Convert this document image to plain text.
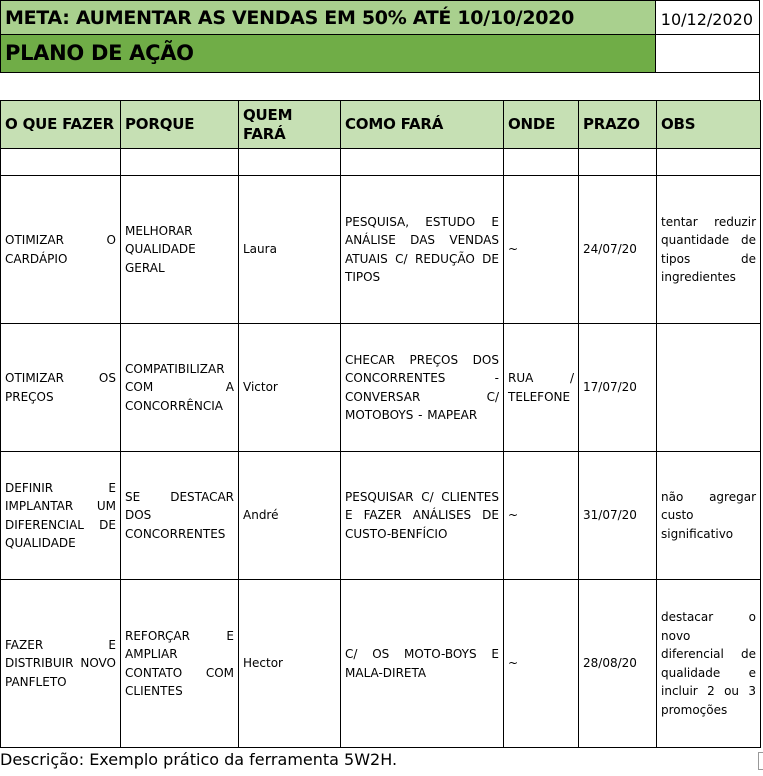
META: AUMENTAR AS VENDAS EM 50% ATÉ 10/10/2020	10/12/2020
PLANO DE AÇÃO
O QUE FAZER	PORQUE	QUEM FARÁ	COMO FARÁ	ONDE	PRAZO	OBS

OTIMIZAR O CARDÁPIO	MELHORAR QUALIDADE GERAL	Laura	PESQUISA, ESTUDO E ANÁLISE DAS VENDAS ATUAIS C/ REDUÇÃO DE TIPOS	~	24/07/20	tentar reduzir quantidade de tipos de ingredientes
OTIMIZAR OS PREÇOS	COMPATIBILIZAR COM A CONCORRÊNCIA	Victor	CHECAR PREÇOS DOS CONCORRENTES - CONVERSAR C/ MOTOBOYS - MAPEAR	RUA / TELEFONE	17/07/20	
DEFINIR E IMPLANTAR UM DIFERENCIAL DE QUALIDADE	SE DESTACAR DOS CONCORRENTES	André	PESQUISAR C/ CLIENTES E FAZER ANÁLISES DE CUSTO-BENFÍCIO	~	31/07/20	não agregar custo significativo
FAZER E DISTRIBUIR NOVO PANFLETO	REFORÇAR E AMPLIAR CONTATO COM CLIENTES	Hector	C/ OS MOTO-BOYS E MALA-DIRETA	~	28/08/20	destacar o novo diferencial de qualidade e incluir 2 ou 3 promoções
Descrição: Exemplo prático da ferramenta 5W2H.
